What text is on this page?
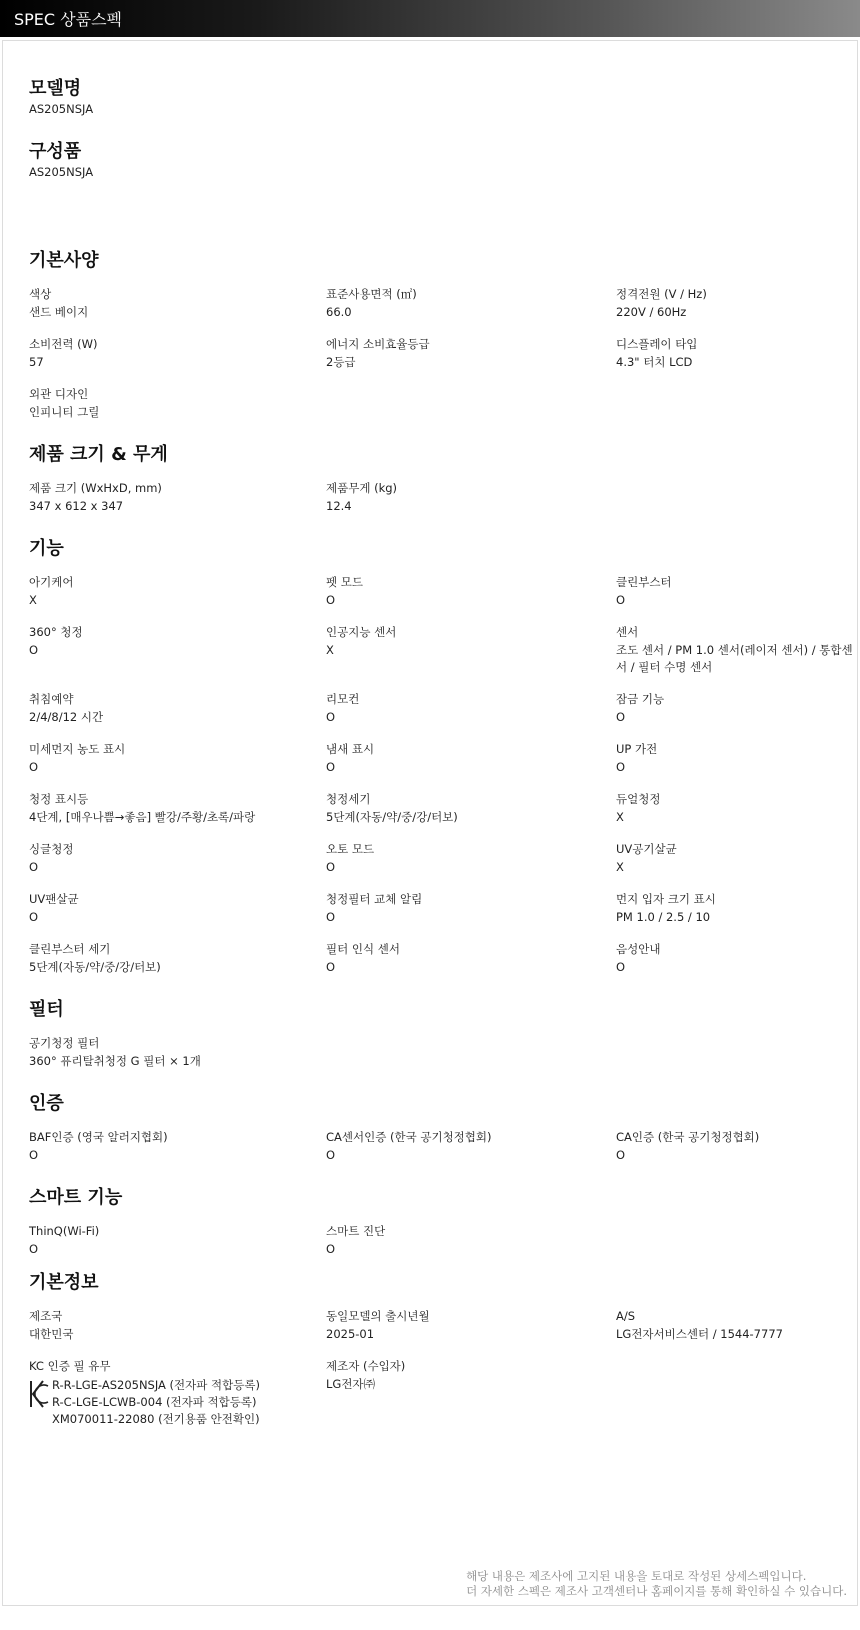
SPEC 상품스펙
모델명
AS205NSJA
구성품
AS205NSJA
기본사양
색상
샌드 베이지
표준사용면적 (㎡)
66.0
정격전원 (V / Hz)
220V / 60Hz
소비전력 (W)
57
에너지 소비효율등급
2등급
디스플레이 타입
4.3" 터치 LCD
외관 디자인
인피니티 그릴
제품 크기 & 무게
제품 크기 (WxHxD, mm)
347 x 612 x 347
제품무게 (kg)
12.4
기능
아기케어
X
펫 모드
O
클린부스터
O
360° 청정
O
인공지능 센서
X
센서
조도 센서 / PM 1.0 센서(레이저 센서) / 통합센서 / 필터 수명 센서
취침예약
2/4/8/12 시간
리모컨
O
잠금 기능
O
미세먼지 농도 표시
O
냄새 표시
O
UP 가전
O
청정 표시등
4단계, [매우나쁨→좋음] 빨강/주황/초록/파랑
청정세기
5단계(자동/약/중/강/터보)
듀얼청정
X
싱글청정
O
오토 모드
O
UV공기살균
X
UV팬살균
O
청정필터 교체 알림
O
먼지 입자 크기 표시
PM 1.0 / 2.5 / 10
클린부스터 세기
5단계(자동/약/중/강/터보)
필터 인식 센서
O
음성안내
O
필터
공기청정 필터
360° 퓨리탈취청정 G 필터 × 1개
인증
BAF인증 (영국 알러지협회)
O
CA센서인증 (한국 공기청정협회)
O
CA인증 (한국 공기청정협회)
O
스마트 기능
ThinQ(Wi-Fi)
O
스마트 진단
O
기본정보
제조국
대한민국
동일모델의 출시년월
2025-01
A/S
LG전자서비스센터 / 1544-7777
KC 인증 필 유무
R-R-LGE-AS205NSJA (전자파 적합등록)
R-C-LGE-LCWB-004 (전자파 적합등록)
XM070011-22080 (전기용품 안전확인)
제조자 (수입자)
LG전자㈜
해당 내용은 제조사에 고지된 내용을 토대로 작성된 상세스펙입니다.
더 자세한 스펙은 제조사 고객센터나 홈페이지를 통해 확인하실 수 있습니다.
